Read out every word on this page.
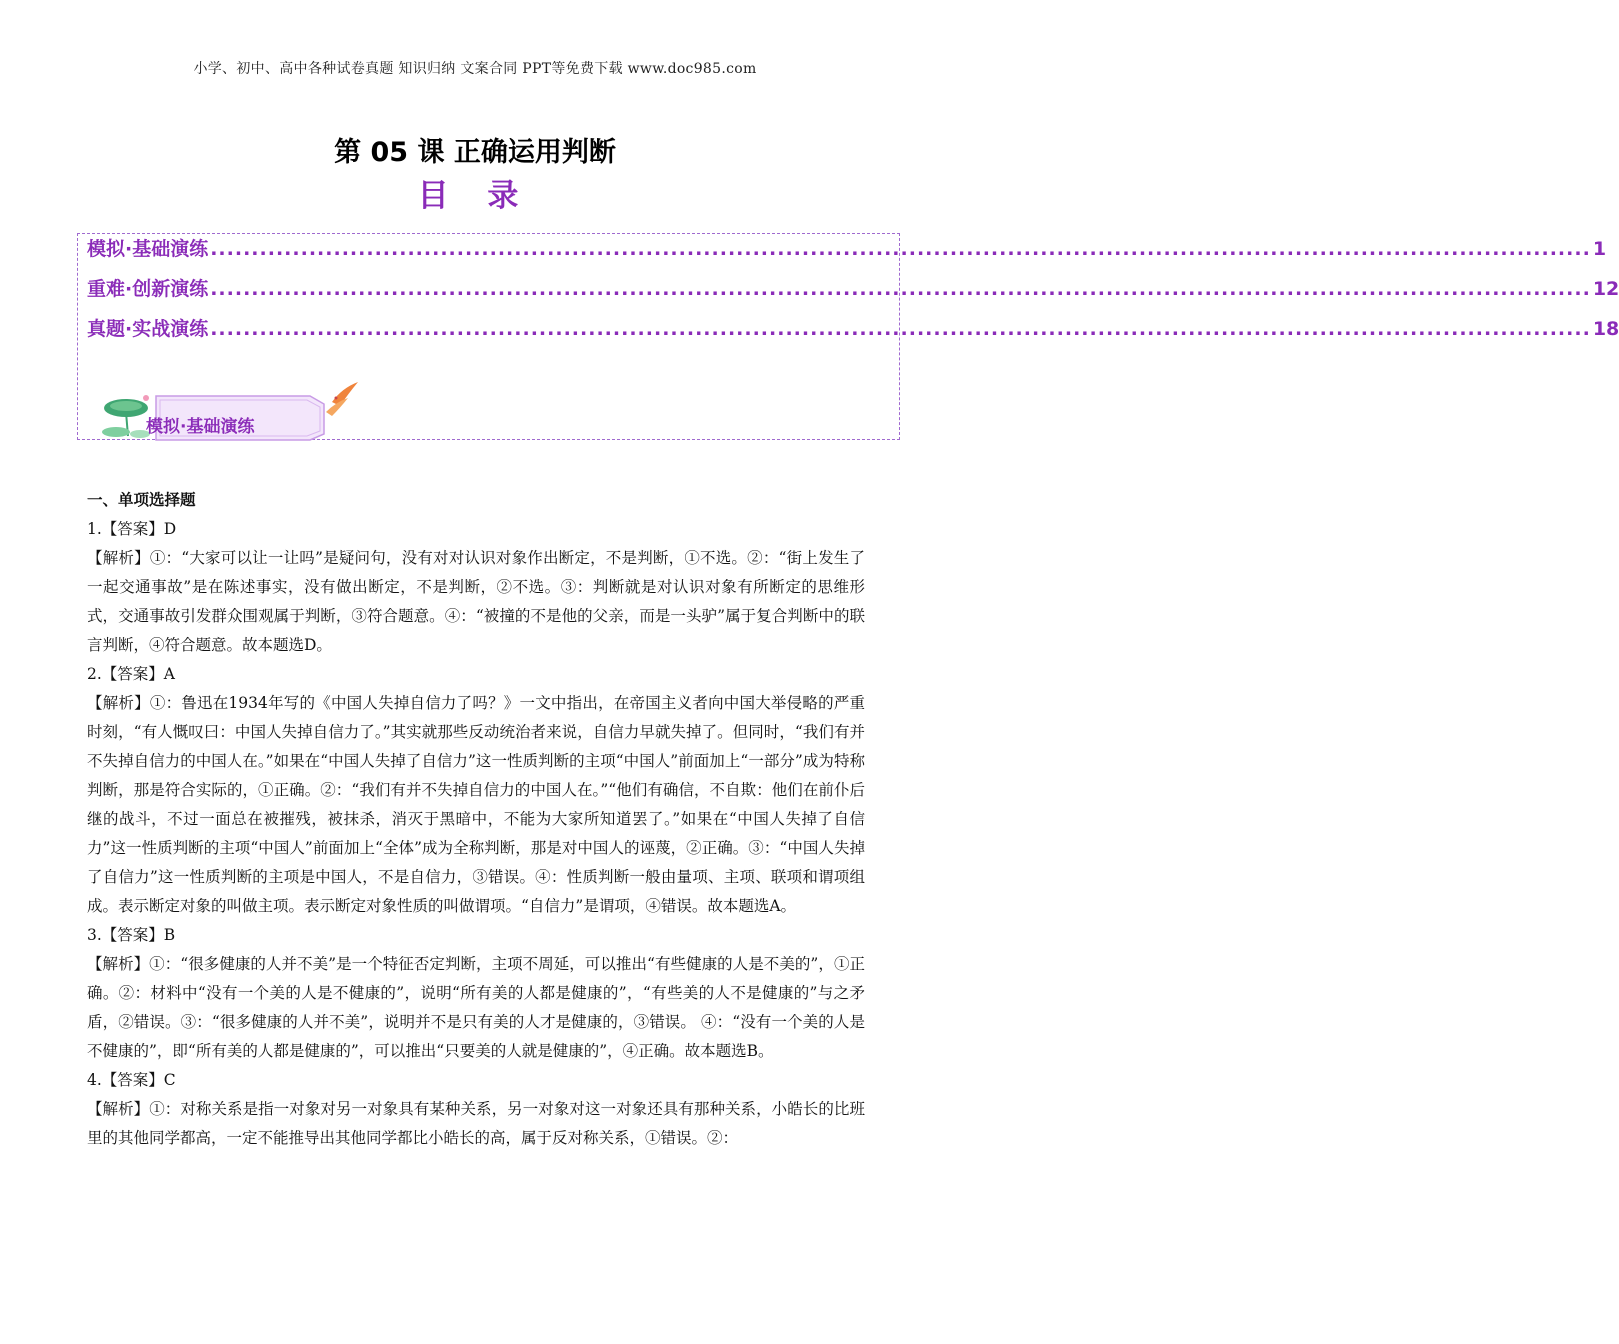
小学、初中、高中各种试卷真题 知识归纳 文案合同 PPT等免费下载 www.doc985.com
第 05 课 正确运用判断
目 录
模拟·基础演练 ........................................................................................................................................................................ 1
重难·创新演练 ........................................................................................................................................................................ 12
真题·实战演练 ........................................................................................................................................................................ 18
模拟·基础演练
一、单项选择题
1.【答案】D
【解析】①：“大家可以让一让吗”是疑问句，没有对对认识对象作出断定，不是判断，①不选。②：“街上发生了一起交通事故”是在陈述事实，没有做出断定，不是判断，②不选。③：判断就是对认识对象有所断定的思维形式，交通事故引发群众围观属于判断，③符合题意。④：“被撞的不是他的父亲，而是一头驴”属于复合判断中的联言判断，④符合题意。故本题选D。
2.【答案】A
【解析】①：鲁迅在1934年写的《中国人失掉自信力了吗？》一文中指出，在帝国主义者向中国大举侵略的严重时刻，“有人慨叹曰：中国人失掉自信力了。”其实就那些反动统治者来说，自信力早就失掉了。但同时，“我们有并不失掉自信力的中国人在。”如果在“中国人失掉了自信力”这一性质判断的主项“中国人”前面加上“一部分”成为特称判断，那是符合实际的，①正确。②：“我们有并不失掉自信力的中国人在。”“他们有确信，不自欺：他们在前仆后继的战斗，不过一面总在被摧残，被抹杀，消灭于黑暗中，不能为大家所知道罢了。”如果在“中国人失掉了自信力”这一性质判断的主项“中国人”前面加上“全体”成为全称判断，那是对中国人的诬蔑，②正确。③：“中国人失掉了自信力”这一性质判断的主项是中国人，不是自信力，③错误。④：性质判断一般由量项、主项、联项和谓项组成。表示断定对象的叫做主项。表示断定对象性质的叫做谓项。“自信力”是谓项，④错误。故本题选A。
3.【答案】B
【解析】①：“很多健康的人并不美”是一个特征否定判断，主项不周延，可以推出“有些健康的人是不美的”，①正确。②：材料中“没有一个美的人是不健康的”，说明“所有美的人都是健康的”，“有些美的人不是健康的”与之矛盾，②错误。③：“很多健康的人并不美”，说明并不是只有美的人才是健康的，③错误。 ④：“没有一个美的人是不健康的”，即“所有美的人都是健康的”，可以推出“只要美的人就是健康的”，④正确。故本题选B。
4.【答案】C
【解析】①：对称关系是指一对象对另一对象具有某种关系，另一对象对这一对象还具有那种关系，小皓长的比班里的其他同学都高，一定不能推导出其他同学都比小皓长的高，属于反对称关系，①错误。②：
